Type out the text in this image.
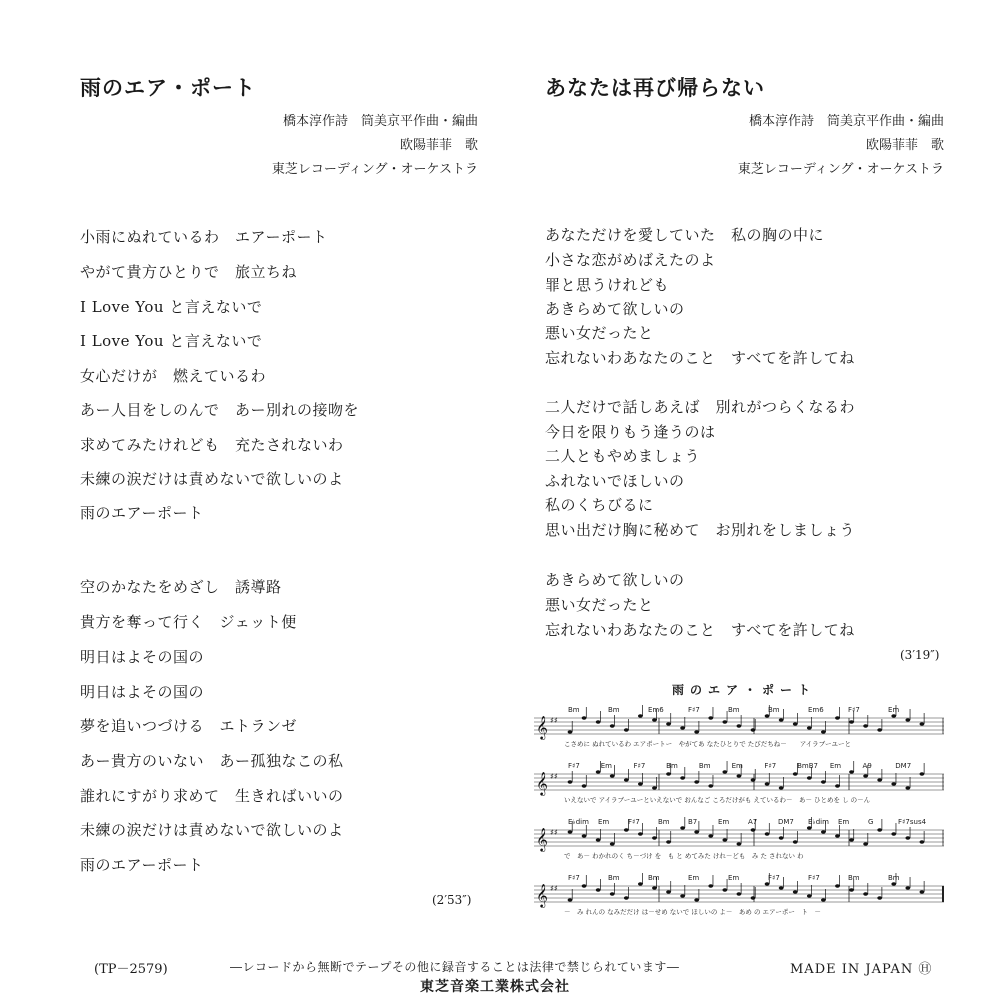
雨のエア・ポート
橋本淳作詩　筒美京平作曲・編曲
欧陽菲菲　歌
東芝レコーディング・オーケストラ
小雨にぬれているわ　エアーポート
やがて貴方ひとりで　旅立ちね
I Love You と言えないで
I Love You と言えないで
女心だけが　燃えているわ
あー人目をしのんで　あー別れの接吻を
求めてみたけれども　充たされないわ
未練の涙だけは責めないで欲しいのよ
雨のエアーポート
空のかなたをめざし　誘導路
貴方を奪って行く　ジェット便
明日はよその国の
明日はよその国の
夢を追いつづける　エトランゼ
あー貴方のいない　あー孤独なこの私
誰れにすがり求めて　生きればいいの
未練の涙だけは責めないで欲しいのよ
雨のエアーポート
(2′53″)
あなたは再び帰らない
橋本淳作詩　筒美京平作曲・編曲
欧陽菲菲　歌
東芝レコーディング・オーケストラ
あなただけを愛していた　私の胸の中に
小さな恋がめばえたのよ
罪と思うけれども
あきらめて欲しいの
悪い女だったと
忘れないわあなたのこと　すべてを許してね
二人だけで話しあえば　別れがつらくなるわ
今日を限りもう逢うのは
二人ともやめましょう
ふれないでほしいの
私のくちびるに
思い出だけ胸に秘めて　お別れをしましょう
あきらめて欲しいの
悪い女だったと
忘れないわあなたのこと　すべてを許してね
(3′19″)
雨のエア・ポート
Bm	Bm	Em6	F♯7	Bm	Bm	Em6	F♯7	Em
𝄞 ♯♯
こさめに ぬれているわ エアポートー　やがてあ なたひとりで たびだちね－　　アイラブーユーと
F♯7	Em	F♯7	Bm	Bm	Em	F♯7	BmB7 Em	A9	DM7
𝄞 ♯♯
いえないで アイラブーユーといえないで おんなご ころだけがも えているわ－　あ－ ひとめを し の－ん
E♭dim Em	F♯7	Bm	B7	Em	A7	DM7 E♭dim Em	G	F♯7sus4
𝄞 ♯♯
で　あ－ わかれのく ち－づけ を　も と めてみた けれ－ども　み た されない わ
F♯7	Bm	Bm	Em	Em	F♯7	F♯7	Bm	Bm
𝄞 ♯♯
－　み れんの なみだだけ は－せめ ないで ほしいの よ－　あめ の エアーポー　ト　－
(TP－2579)	―レコードから無断でテープその他に録音することは法律で禁じられています―	MADE IN JAPAN Ⓗ
東芝音楽工業株式会社
